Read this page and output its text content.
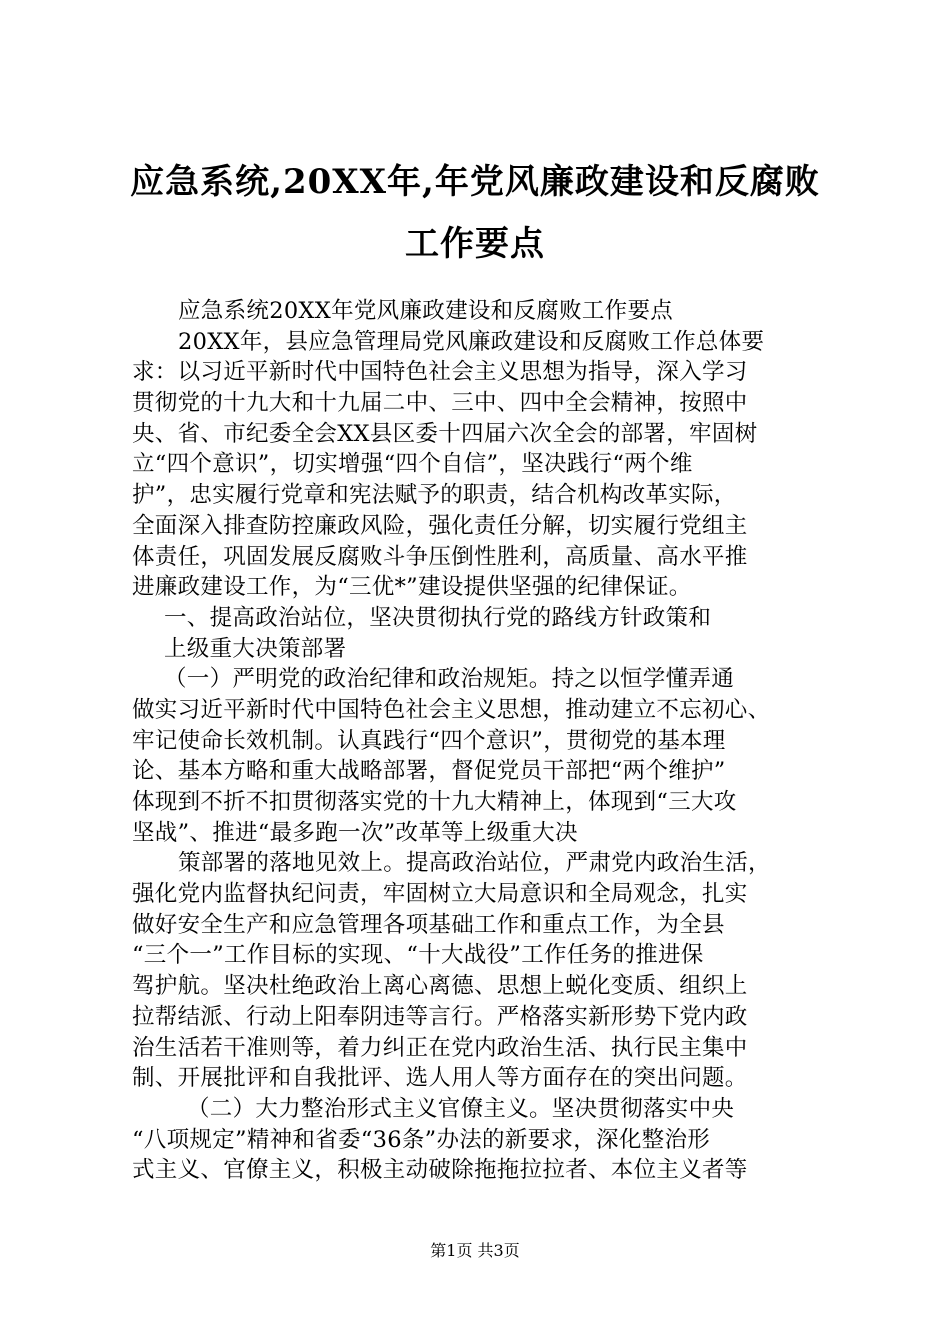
应急系统,20XX年,年党风廉政建设和反腐败
工作要点
应急系统20XX年党风廉政建设和反腐败工作要点
20XX年，县应急管理局党风廉政建设和反腐败工作总体要
求：以习近平新时代中国特色社会主义思想为指导，深入学习
贯彻党的十九大和十九届二中、三中、四中全会精神，按照中
央、省、市纪委全会XX县区委十四届六次全会的部署，牢固树
立“四个意识”，切实增强“四个自信”，坚决践行“两个维
护”，忠实履行党章和宪法赋予的职责，结合机构改革实际，
全面深入排查防控廉政风险，强化责任分解，切实履行党组主
体责任，巩固发展反腐败斗争压倒性胜利，高质量、高水平推
进廉政建设工作，为“三优*”建设提供坚强的纪律保证。
一、提高政治站位，坚决贯彻执行党的路线方针政策和
上级重大决策部署
（一）严明党的政治纪律和政治规矩。持之以恒学懂弄通
做实习近平新时代中国特色社会主义思想，推动建立不忘初心、
牢记使命长效机制。认真践行“四个意识”，贯彻党的基本理
论、基本方略和重大战略部署，督促党员干部把“两个维护”
体现到不折不扣贯彻落实党的十九大精神上，体现到“三大攻
坚战”、推进“最多跑一次”改革等上级重大决
策部署的落地见效上。提高政治站位，严肃党内政治生活，
强化党内监督执纪问责，牢固树立大局意识和全局观念，扎实
做好安全生产和应急管理各项基础工作和重点工作，为全县
“三个一”工作目标的实现、“十大战役”工作任务的推进保
驾护航。坚决杜绝政治上离心离德、思想上蜕化变质、组织上
拉帮结派、行动上阳奉阴违等言行。严格落实新形势下党内政
治生活若干准则等，着力纠正在党内政治生活、执行民主集中
制、开展批评和自我批评、选人用人等方面存在的突出问题。
（二）大力整治形式主义官僚主义。坚决贯彻落实中央
“八项规定”精神和省委“36条”办法的新要求，深化整治形
式主义、官僚主义，积极主动破除拖拖拉拉者、本位主义者等
第1页 共3页
